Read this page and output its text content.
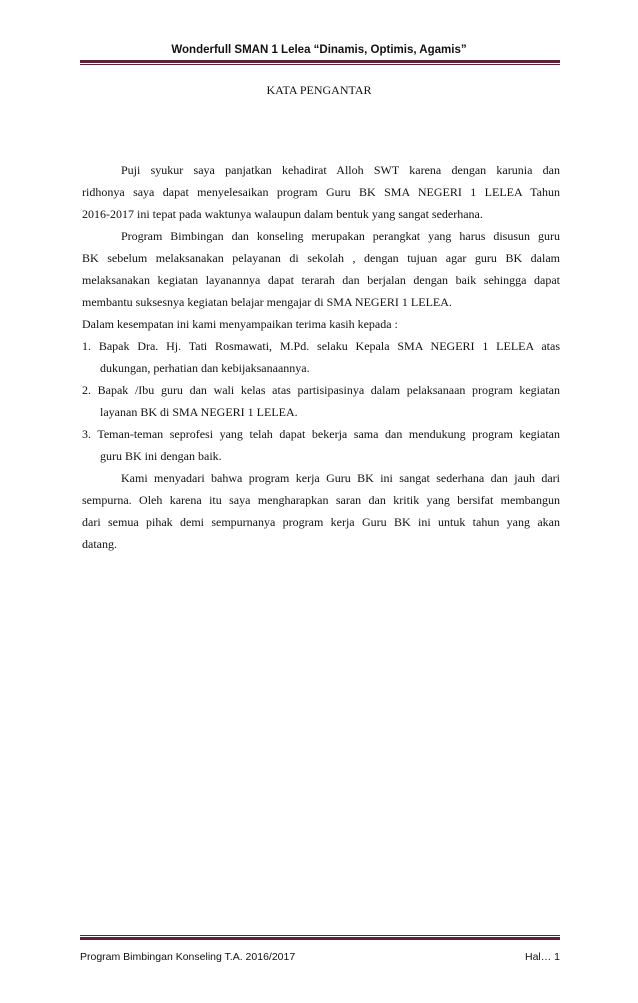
Wonderfull SMAN 1 Lelea “Dinamis, Optimis, Agamis”
KATA PENGANTAR
Puji syukur saya panjatkan kehadirat Alloh SWT karena dengan karunia dan
ridhonya saya dapat menyelesaikan program Guru BK SMA NEGERI 1 LELEA Tahun
2016-2017 ini tepat pada waktunya walaupun dalam bentuk yang sangat sederhana.
Program Bimbingan dan konseling merupakan perangkat yang harus disusun guru
BK sebelum melaksanakan pelayanan di sekolah , dengan tujuan agar guru BK dalam
melaksanakan kegiatan layanannya dapat terarah dan berjalan dengan baik sehingga dapat
membantu suksesnya kegiatan belajar mengajar di SMA NEGERI 1 LELEA.
Dalam kesempatan ini kami menyampaikan terima kasih kepada :
1. Bapak Dra. Hj. Tati Rosmawati, M.Pd. selaku Kepala SMA NEGERI 1 LELEA atas
dukungan, perhatian dan kebijaksanaannya.
2. Bapak /Ibu guru dan wali kelas atas partisipasinya dalam pelaksanaan program kegiatan
layanan BK di SMA NEGERI 1 LELEA.
3. Teman-teman seprofesi yang telah dapat bekerja sama dan mendukung program kegiatan
guru BK ini dengan baik.
Kami menyadari bahwa program kerja Guru BK ini sangat sederhana dan jauh dari
sempurna. Oleh karena itu saya mengharapkan saran dan kritik yang bersifat membangun
dari semua pihak demi sempurnanya program kerja Guru BK ini untuk tahun yang akan
datang.
Program Bimbingan Konseling T.A. 2016/2017	Hal… 1
